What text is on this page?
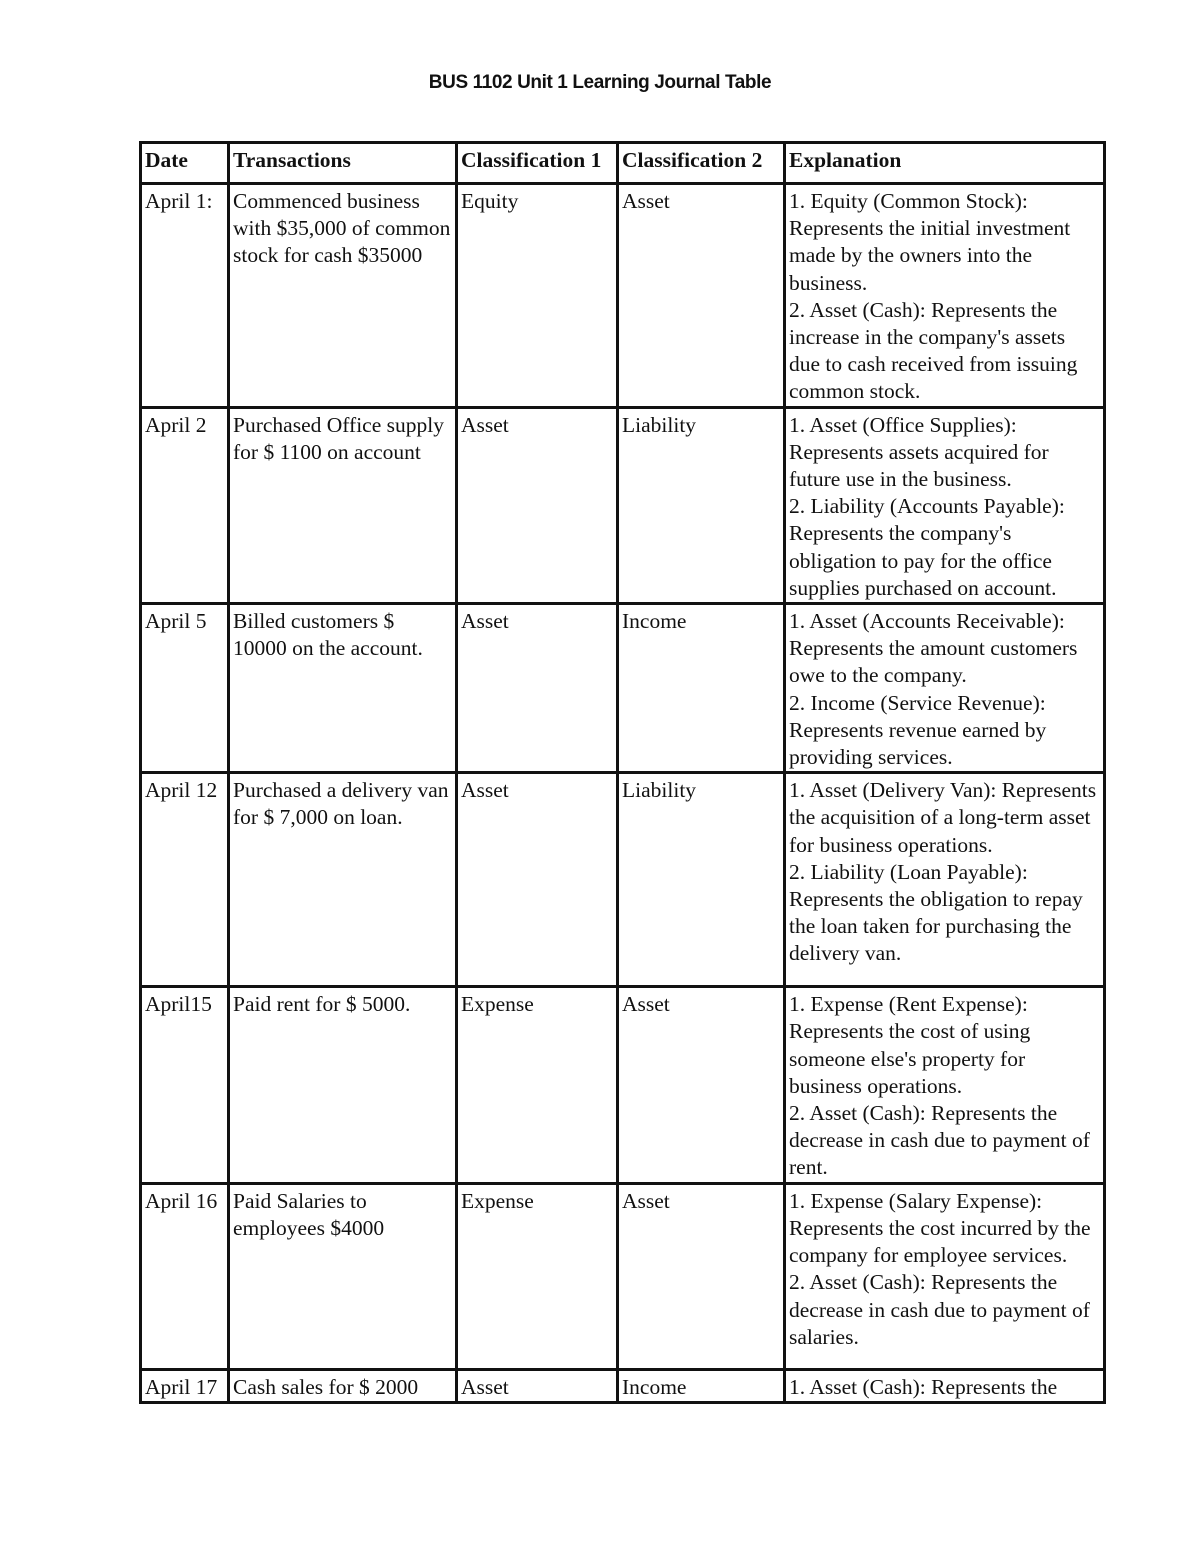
BUS 1102 Unit 1 Learning Journal Table
Date	Transactions	Classification 1	Classification 2	Explanation
April 1:	Commenced business with $35,000 of common stock for cash $35000	Equity	Asset	1. Equity (Common Stock): Represents the initial investment made by the owners into the business.
2. Asset (Cash): Represents the increase in the company's assets due to cash received from issuing common stock.

April 2	Purchased Office supply for $ 1100 on account	Asset	Liability	1. Asset (Office Supplies): Represents assets acquired for future use in the business.
2. Liability (Accounts Payable): Represents the company's obligation to pay for the office supplies purchased on account.

April 5	Billed customers $ 10000 on the account.	Asset	Income	1. Asset (Accounts Receivable): Represents the amount customers owe to the company.
2. Income (Service Revenue): Represents revenue earned by providing services.

April 12	Purchased a delivery van for $ 7,000 on loan.	Asset	Liability	1. Asset (Delivery Van): Represents the acquisition of a long-term asset for business operations.
2. Liability (Loan Payable): Represents the obligation to repay the loan taken for purchasing the delivery van.

April15	Paid rent for $ 5000.	Expense	Asset	1. Expense (Rent Expense): Represents the cost of using someone else's property for business operations.
2. Asset (Cash): Represents the decrease in cash due to payment of rent.

April 16	Paid Salaries to employees $4000	Expense	Asset	1. Expense (Salary Expense): Represents the cost incurred by the company for employee services.
2. Asset (Cash): Represents the decrease in cash due to payment of salaries.

April 17	Cash sales for $ 2000	Asset	Income	1. Asset (Cash): Represents the
